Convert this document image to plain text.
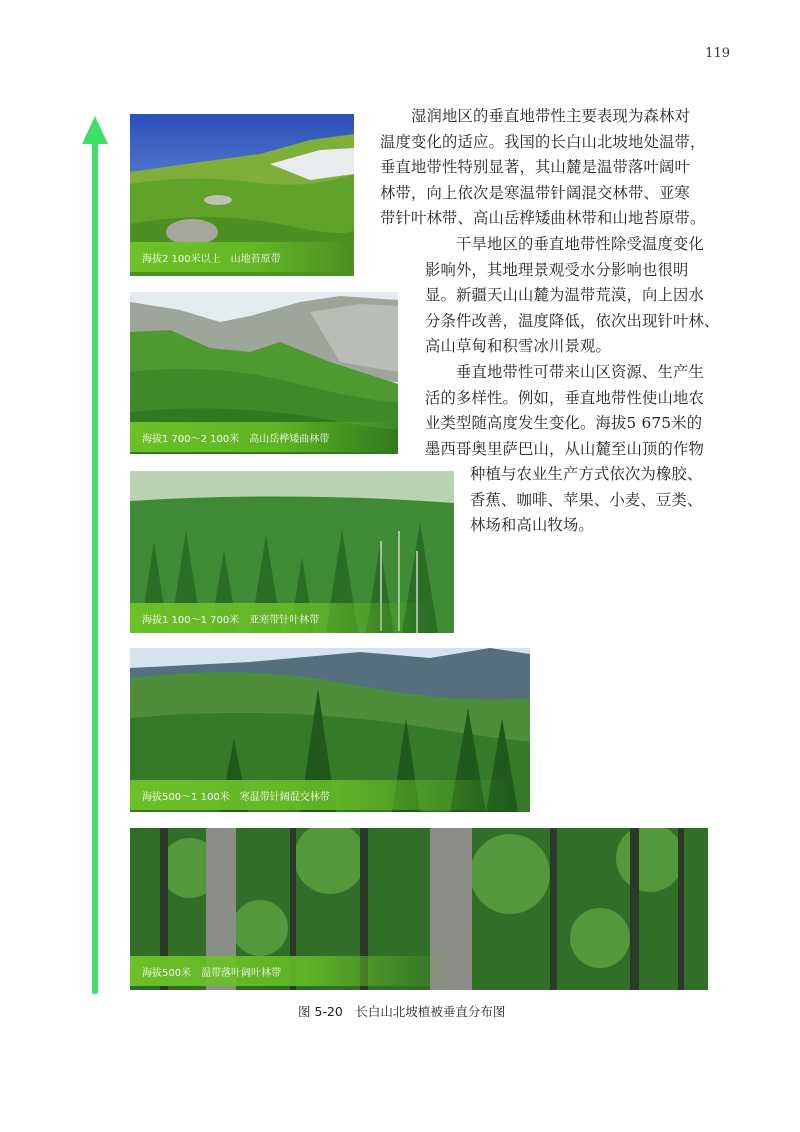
119
海拔2 100米以上　山地苔原带
海拔1 700～2 100米　高山岳桦矮曲林带
海拔1 100～1 700米　亚寒带针叶林带
海拔500～1 100米　寒温带针阔混交林带
海拔500米　温带落叶阔叶林带
　　湿润地区的垂直地带性主要表现为森林对
温度变化的适应。我国的长白山北坡地处温带，
垂直地带性特别显著，其山麓是温带落叶阔叶
林带，向上依次是寒温带针阔混交林带、亚寒
带针叶林带、高山岳桦矮曲林带和山地苔原带。
　　干旱地区的垂直地带性除受温度变化
影响外，其地理景观受水分影响也很明
显。新疆天山山麓为温带荒漠，向上因水
分条件改善，温度降低，依次出现针叶林、
高山草甸和积雪冰川景观。
　　垂直地带性可带来山区资源、生产生
活的多样性。例如，垂直地带性使山地农
业类型随高度发生变化。海拔5 675米的
墨西哥奥里萨巴山，从山麓至山顶的作物
种植与农业生产方式依次为橡胶、
香蕉、咖啡、苹果、小麦、豆类、
林场和高山牧场。
图 5-20　长白山北坡植被垂直分布图
